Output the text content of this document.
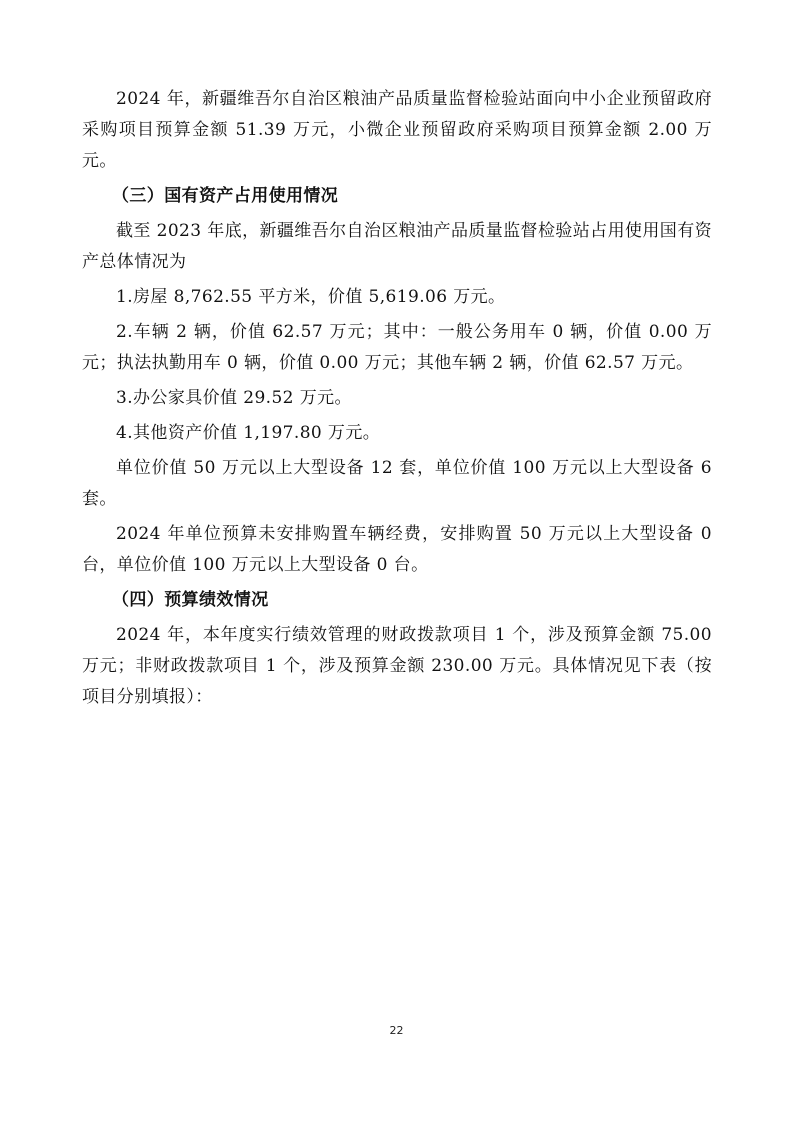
2024 年，新疆维吾尔自治区粮油产品质量监督检验站面向中小企业预留政府采购项目预算金额 51.39 万元，小微企业预留政府采购项目预算金额 2.00 万元。

（三）国有资产占用使用情况

截至 2023 年底，新疆维吾尔自治区粮油产品质量监督检验站占用使用国有资产总体情况为

1.房屋 8,762.55 平方米，价值 5,619.06 万元。

2.车辆 2 辆，价值 62.57 万元；其中：一般公务用车 0 辆，价值 0.00 万元；执法执勤用车 0 辆，价值 0.00 万元；其他车辆 2 辆，价值 62.57 万元。

3.办公家具价值 29.52 万元。

4.其他资产价值 1,197.80 万元。

单位价值 50 万元以上大型设备 12 套，单位价值 100 万元以上大型设备 6 套。

2024 年单位预算未安排购置车辆经费，安排购置 50 万元以上大型设备 0 台，单位价值 100 万元以上大型设备 0 台。

（四）预算绩效情况

2024 年，本年度实行绩效管理的财政拨款项目 1 个，涉及预算金额 75.00 万元；非财政拨款项目 1 个，涉及预算金额 230.00 万元。具体情况见下表（按项目分别填报）：

22
